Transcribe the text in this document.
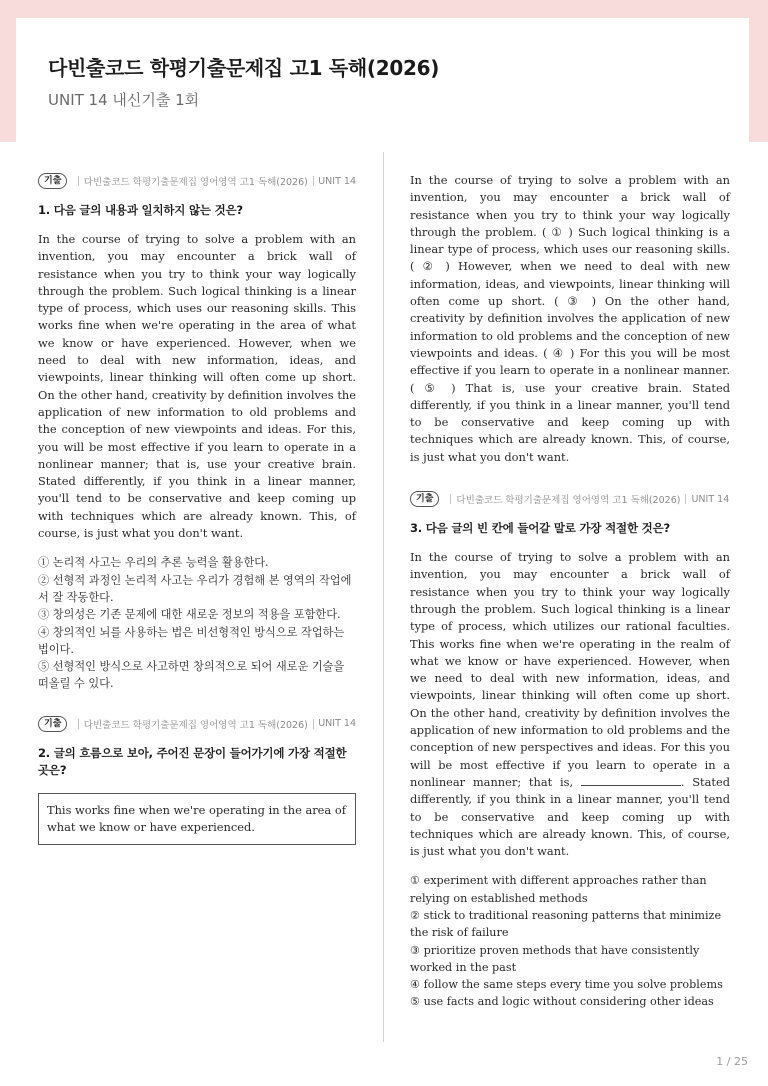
다빈출코드 학평기출문제집 고1 독해(2026)
UNIT 14 내신기출 1회
기출	다빈출코드 학평기출문제집 영어영역 고1 독해(2026) UNIT 14
1. 다음 글의 내용과 일치하지 않는 것은?
In the course of trying to solve a problem with an invention, you may encounter a brick wall of resistance when you try to think your way logically through the problem. Such logical thinking is a linear type of process, which uses our reasoning skills. This works fine when we're operating in the area of what we know or have experienced. However, when we need to deal with new information, ideas, and viewpoints, linear thinking will often come up short. On the other hand, creativity by definition involves the application of new information to old problems and the conception of new viewpoints and ideas. For this, you will be most effective if you learn to operate in a nonlinear manner; that is, use your creative brain. Stated differently, if you think in a linear manner, you'll tend to be conservative and keep coming up with techniques which are already known. This, of course, is just what you don't want.
① 논리적 사고는 우리의 추론 능력을 활용한다.
② 선형적 과정인 논리적 사고는 우리가 경험해 본 영역의 작업에서 잘 작동한다.
③ 창의성은 기존 문제에 대한 새로운 정보의 적용을 포함한다.
④ 창의적인 뇌를 사용하는 법은 비선형적인 방식으로 작업하는 법이다.
⑤ 선형적인 방식으로 사고하면 창의적으로 되어 새로운 기술을 떠올릴 수 있다.
기출	다빈출코드 학평기출문제집 영어영역 고1 독해(2026) UNIT 14
2. 글의 흐름으로 보아, 주어진 문장이 들어가기에 가장 적절한 곳은?
This works fine when we're operating in the area of what we know or have experienced.
In the course of trying to solve a problem with an invention, you may encounter a brick wall of resistance when you try to think your way logically through the problem. ( ① ) Such logical thinking is a linear type of process, which uses our reasoning skills. ( ② ) However, when we need to deal with new information, ideas, and viewpoints, linear thinking will often come up short. ( ③ ) On the other hand, creativity by definition involves the application of new information to old problems and the conception of new viewpoints and ideas. ( ④ ) For this you will be most effective if you learn to operate in a nonlinear manner. ( ⑤ ) That is, use your creative brain. Stated differently, if you think in a linear manner, you'll tend to be conservative and keep coming up with techniques which are already known. This, of course, is just what you don't want.
기출	다빈출코드 학평기출문제집 영어영역 고1 독해(2026) UNIT 14
3. 다음 글의 빈 칸에 들어갈 말로 가장 적절한 것은?
In the course of trying to solve a problem with an invention, you may encounter a brick wall of resistance when you try to think your way logically through the problem. Such logical thinking is a linear type of process, which utilizes our rational faculties. This works fine when we're operating in the realm of what we know or have experienced. However, when we need to deal with new information, ideas, and viewpoints, linear thinking will often come up short. On the other hand, creativity by definition involves the application of new information to old problems and the conception of new perspectives and ideas. For this you will be most effective if you learn to operate in a nonlinear manner; that is,	. Stated differently, if you think in a linear manner, you'll tend to be conservative and keep coming up with techniques which are already known. This, of course, is just what you don't want.
① experiment with different approaches rather than relying on established methods
② stick to traditional reasoning patterns that minimize the risk of failure
③ prioritize proven methods that have consistently worked in the past
④ follow the same steps every time you solve problems
⑤ use facts and logic without considering other ideas
1 / 25
